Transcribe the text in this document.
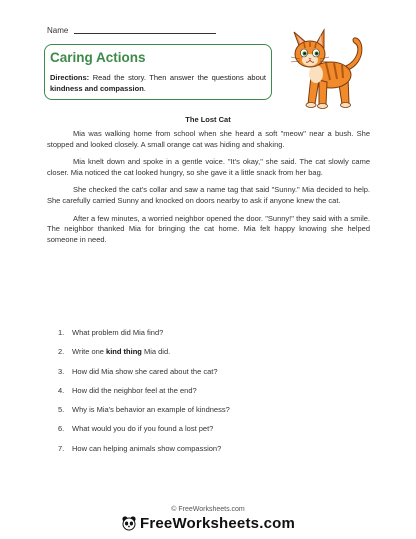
Name
Caring Actions
Directions: Read the story. Then answer the questions about kindness and compassion.
The Lost Cat

Mia was walking home from school when she heard a soft "meow" near a bush. She stopped and looked closely. A small orange cat was hiding and shaking.

Mia knelt down and spoke in a gentle voice. "It's okay," she said. The cat slowly came closer. Mia noticed the cat looked hungry, so she gave it a little snack from her bag.

She checked the cat's collar and saw a name tag that said "Sunny." Mia decided to help. She carefully carried Sunny and knocked on doors nearby to ask if anyone knew the cat.

After a few minutes, a worried neighbor opened the door. "Sunny!" they said with a smile. The neighbor thanked Mia for bringing the cat home. Mia felt happy knowing she helped someone in need.

1. What problem did Mia find?
2. Write one kind thing Mia did.
3. How did Mia show she cared about the cat?
4. How did the neighbor feel at the end?
5. Why is Mia's behavior an example of kindness?
6. What would you do if you found a lost pet?
7. How can helping animals show compassion?
© FreeWorksheets.com
FreeWorksheets.com
